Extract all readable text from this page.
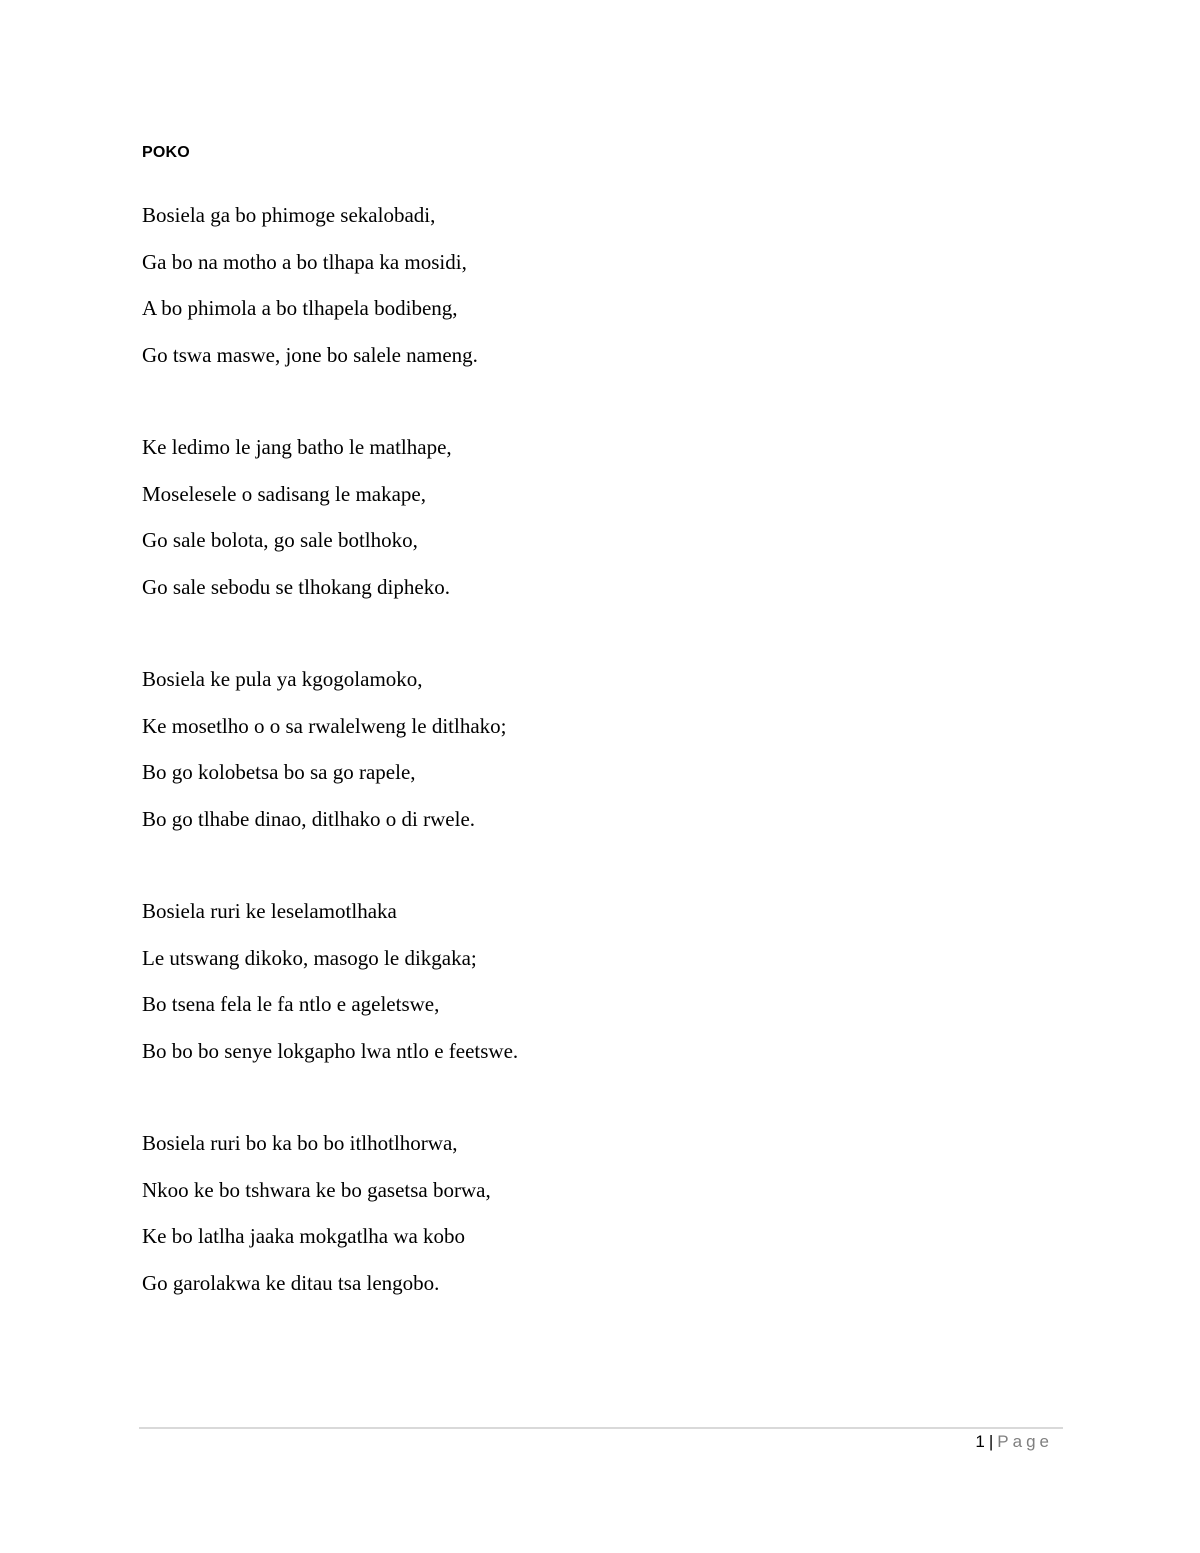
POKO
Bosiela ga bo phimoge sekalobadi,
Ga bo na motho a bo tlhapa ka mosidi,
A bo phimola a bo tlhapela bodibeng,
Go tswa maswe, jone bo salele nameng.
Ke ledimo le jang batho le matlhape,
Moselesele o sadisang le makape,
Go sale bolota, go sale botlhoko,
Go sale sebodu se tlhokang dipheko.
Bosiela ke pula ya kgogolamoko,
Ke mosetlho o o sa rwalelweng le ditlhako;
Bo go kolobetsa bo sa go rapele,
Bo go tlhabe dinao, ditlhako o di rwele.
Bosiela ruri ke leselamotlhaka
Le utswang dikoko, masogo le dikgaka;
Bo tsena fela le fa ntlo e ageletswe,
Bo bo bo senye lokgapho lwa ntlo e feetswe.
Bosiela ruri bo ka bo bo itlhotlhorwa,
Nkoo ke bo tshwara ke bo gasetsa borwa,
Ke bo latlha jaaka mokgatlha wa kobo
Go garolakwa ke ditau tsa lengobo.
1 | Page
